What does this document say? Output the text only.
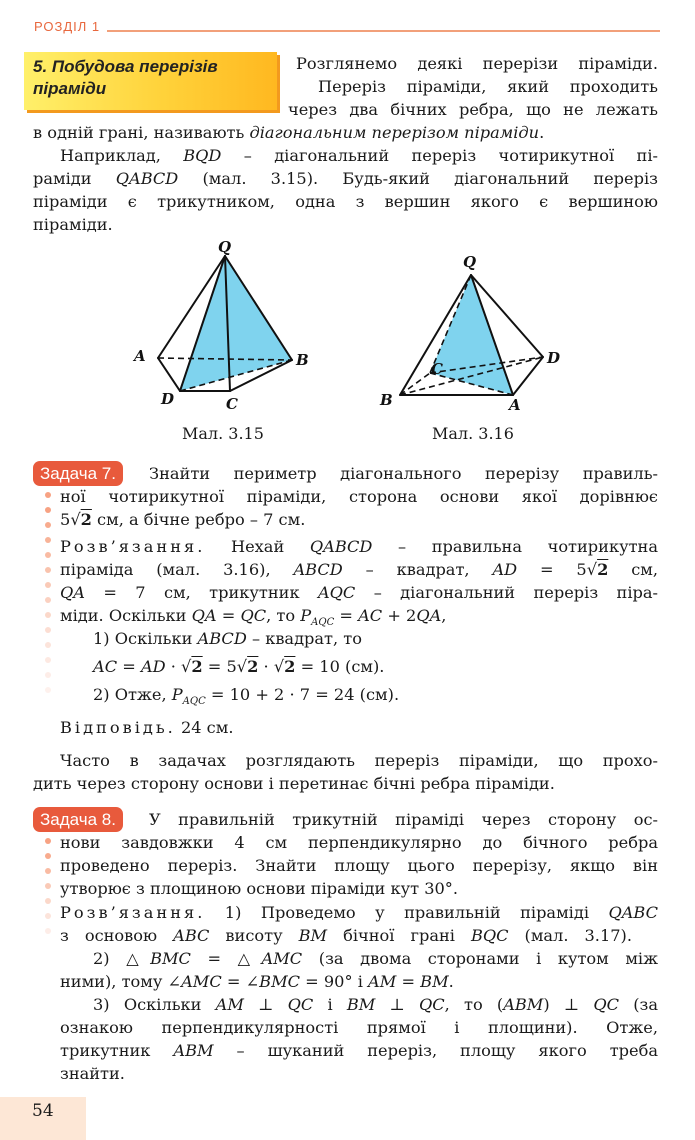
РОЗДІЛ 1
5. Побудова перерізів
піраміди
Розглянемо деякі перерізи піраміди.
Переріз піраміди, який проходить
через два бічних ребра, що не лежать
в одній грані, називають діагональним перерізом піраміди.
Наприклад, BQD – діагональний переріз чотирикутної пі-
раміди QABCD (мал. 3.15). Будь-який діагональний переріз
піраміди є трикутником, одна з вершин якого є вершиною
піраміди.
Q
A	B
C
D
Мал. 3.15
Q
B	A
D
C
Мал. 3.16
Задача 7.	Знайти периметр діагонального перерізу правиль-
ної чотирикутної піраміди, сторона основи якої дорівнює
5√2 см, а бічне ребро – 7 см.
Розв’язання. Нехай QABCD – правильна чотирикутна
піраміда (мал. 3.16), ABCD – квадрат, AD = 5√2 см,
QA = 7 см, трикутник AQC – діагональний переріз піра-
міди. Оскільки QA = QC, то $P_{AQC}$ = AC + 2QA,
1) Оскільки ABCD – квадрат, то
AC = AD · √2 = 5√2 · √2 = 10 (см).
2) Отже, $P_{AQC} = 10 + 2 \cdot 7 = 24$ (см).
Відповідь. 24 см.
Часто в задачах розглядають переріз піраміди, що прохо-
дить через сторону основи і перетинає бічні ребра піраміди.
Задача 8.	У правильній трикутній піраміді через сторону ос-
нови завдовжки 4 см перпендикулярно до бічного ребра
проведено переріз. Знайти площу цього перерізу, якщо він
утворює з площиною основи піраміди кут 30°.
Розв’язання. 1) Проведемо у правильній піраміді QABC
з основою ABC висоту BM бічної грані BQC (мал. 3.17).
2) △BMC = △AMC (за двома сторонами і кутом між
ними), тому ∠AMC = ∠BMC = 90° і AM = BM.
3) Оскільки AM ⊥ QC і BM ⊥ QC, то (ABM) ⊥ QC (за
ознакою перпендикулярності прямої і площини). Отже,
трикутник ABM – шуканий переріз, площу якого треба
знайти.
54
